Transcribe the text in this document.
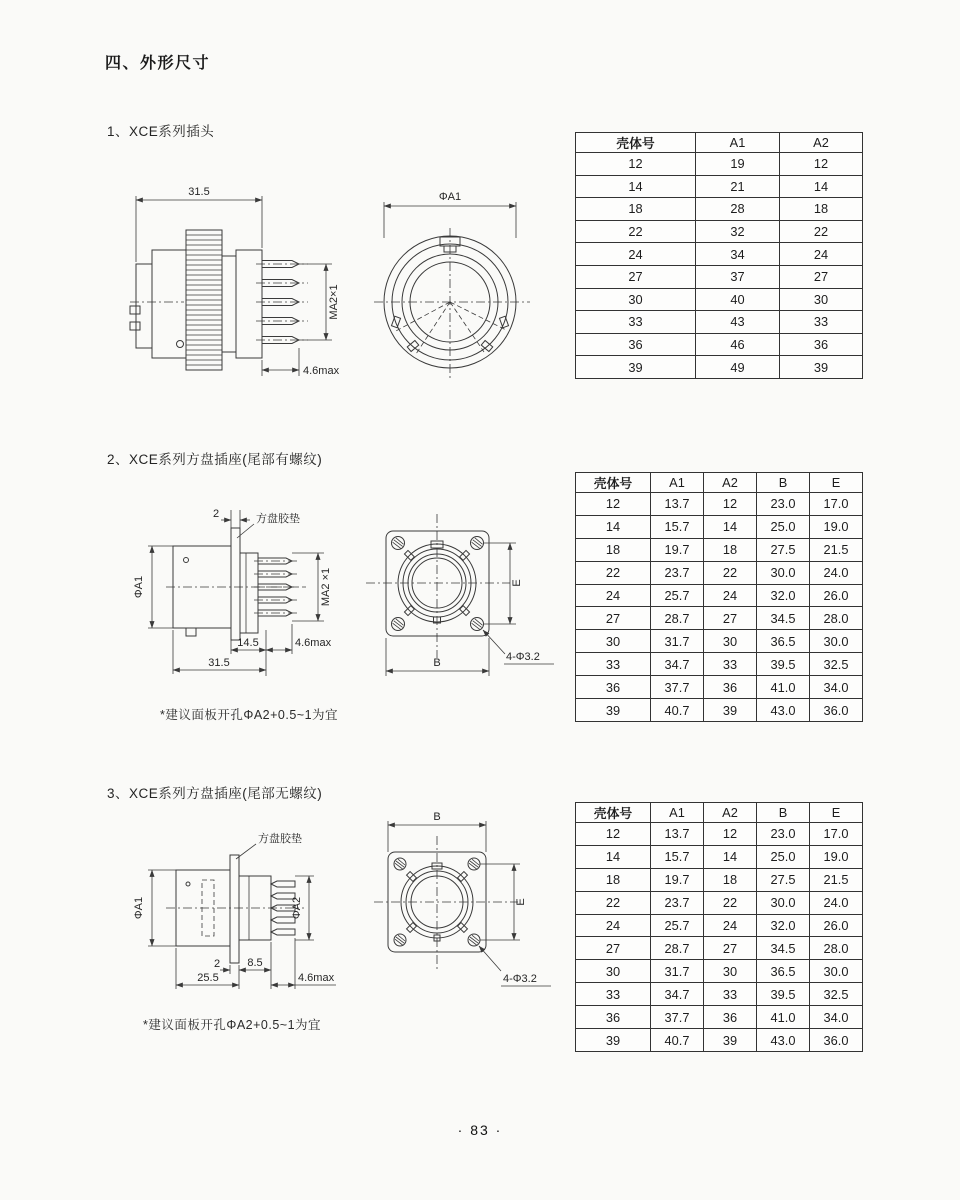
四、外形尺寸
1、XCE系列插头
31.5
MA2×1
4.6max
ΦA1
壳体号	A1	A2
12	19	12
14	21	14
18	28	18
22	32	22
24	34	24
27	37	27
30	40	30
33	43	33
36	46	36
39	49	39
2、XCE系列方盘插座(尾部有螺纹)
2	方盘胶垫
ΦA1	MA2 ×1
14.5	4.6max
31.5
E
B	4-Φ3.2
*建议面板开孔ΦA2+0.5~1为宜
壳体号	A1	A2	B	E
12	13.7	12	23.0	17.0
14	15.7	14	25.0	19.0
18	19.7	18	27.5	21.5
22	23.7	22	30.0	24.0
24	25.7	24	32.0	26.0
27	28.7	27	34.5	28.0
30	31.7	30	36.5	30.0
33	34.7	33	39.5	32.5
36	37.7	36	41.0	34.0
39	40.7	39	43.0	36.0
3、XCE系列方盘插座(尾部无螺纹)
方盘胶垫
ΦA1	ΦA2
2 8.5
25.5	4.6max
B
E
4-Φ3.2
*建议面板开孔ΦA2+0.5~1为宜
壳体号	A1	A2	B	E
12	13.7	12	23.0	17.0
14	15.7	14	25.0	19.0
18	19.7	18	27.5	21.5
22	23.7	22	30.0	24.0
24	25.7	24	32.0	26.0
27	28.7	27	34.5	28.0
30	31.7	30	36.5	30.0
33	34.7	33	39.5	32.5
36	37.7	36	41.0	34.0
39	40.7	39	43.0	36.0
· 83 ·
